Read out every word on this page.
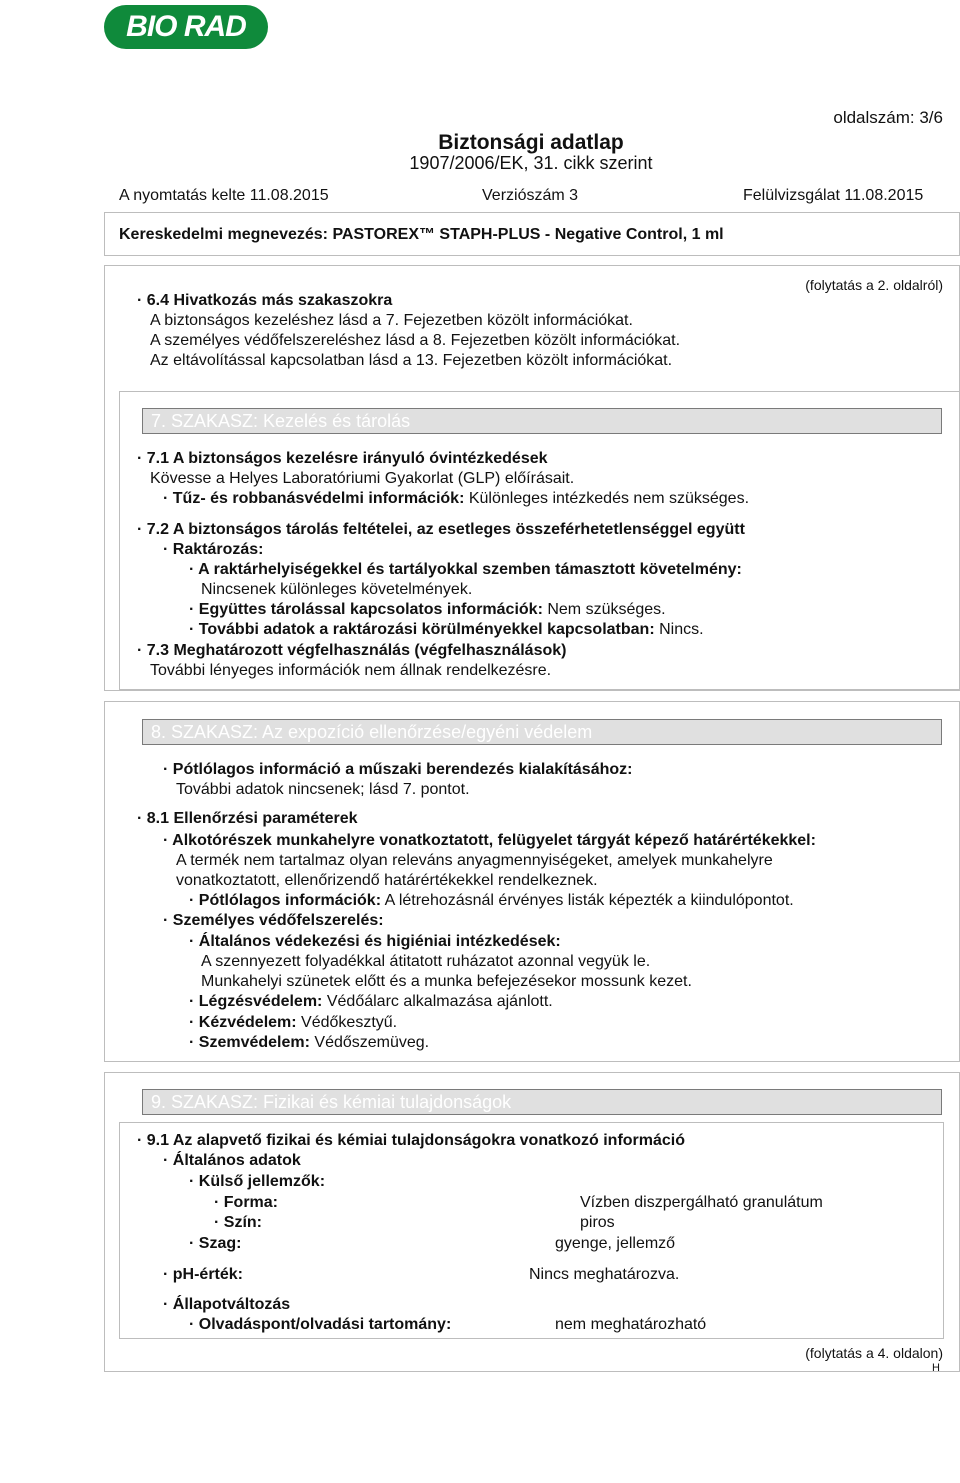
BIO RAD
oldalszám: 3/6
Biztonsági adatlap
1907/2006/EK, 31. cikk szerint
A nyomtatás kelte 11.08.2015	Verziószám 3	Felülvizsgálat 11.08.2015
Kereskedelmi megnevezés: PASTOREX™ STAPH-PLUS - Negative Control, 1 ml
(folytatás a 2. oldalról)
· 6.4 Hivatkozás más szakaszokra
A biztonságos kezeléshez lásd a 7. Fejezetben közölt információkat.
A személyes védőfelszereléshez lásd a 8. Fejezetben közölt információkat.
Az eltávolítással kapcsolatban lásd a 13. Fejezetben közölt információkat.
7. SZAKASZ: Kezelés és tárolás
· 7.1 A biztonságos kezelésre irányuló óvintézkedések
Kövesse a Helyes Laboratóriumi Gyakorlat (GLP) előírásait.
· Tűz- és robbanásvédelmi információk: Különleges intézkedés nem szükséges.
· 7.2 A biztonságos tárolás feltételei, az esetleges összeférhetetlenséggel együtt
· Raktározás:
· A raktárhelyiségekkel és tartályokkal szemben támasztott követelmény:
Nincsenek különleges követelmények.
· Együttes tárolással kapcsolatos információk: Nem szükséges.
· További adatok a raktározási körülményekkel kapcsolatban: Nincs.
· 7.3 Meghatározott végfelhasználás (végfelhasználások)
További lényeges információk nem állnak rendelkezésre.
8. SZAKASZ: Az expozíció ellenőrzése/egyéni védelem
· Pótlólagos információ a műszaki berendezés kialakításához:
További adatok nincsenek; lásd 7. pontot.
· 8.1 Ellenőrzési paraméterek
· Alkotórészek munkahelyre vonatkoztatott, felügyelet tárgyát képező határértékekkel:
A termék nem tartalmaz olyan releváns anyagmennyiségeket, amelyek munkahelyre
vonatkoztatott, ellenőrizendő határértékekkel rendelkeznek.
· Pótlólagos információk: A létrehozásnál érvényes listák képezték a kiindulópontot.
· Személyes védőfelszerelés:
· Általános védekezési és higiéniai intézkedések:
A szennyezett folyadékkal átitatott ruházatot azonnal vegyük le.
Munkahelyi szünetek előtt és a munka befejezésekor mossunk kezet.
· Légzésvédelem: Védőálarc alkalmazása ajánlott.
· Kézvédelem: Védőkesztyű.
· Szemvédelem: Védőszemüveg.
9. SZAKASZ: Fizikai és kémiai tulajdonságok
· 9.1 Az alapvető fizikai és kémiai tulajdonságokra vonatkozó információ
· Általános adatok
· Külső jellemzők:
· Forma:	Vízben diszpergálható granulátum
· Szín:	piros
· Szag:	gyenge, jellemző
· pH-érték:	Nincs meghatározva.
· Állapotváltozás
· Olvadáspont/olvadási tartomány:	nem meghatározható
(folytatás a 4. oldalon)
H
